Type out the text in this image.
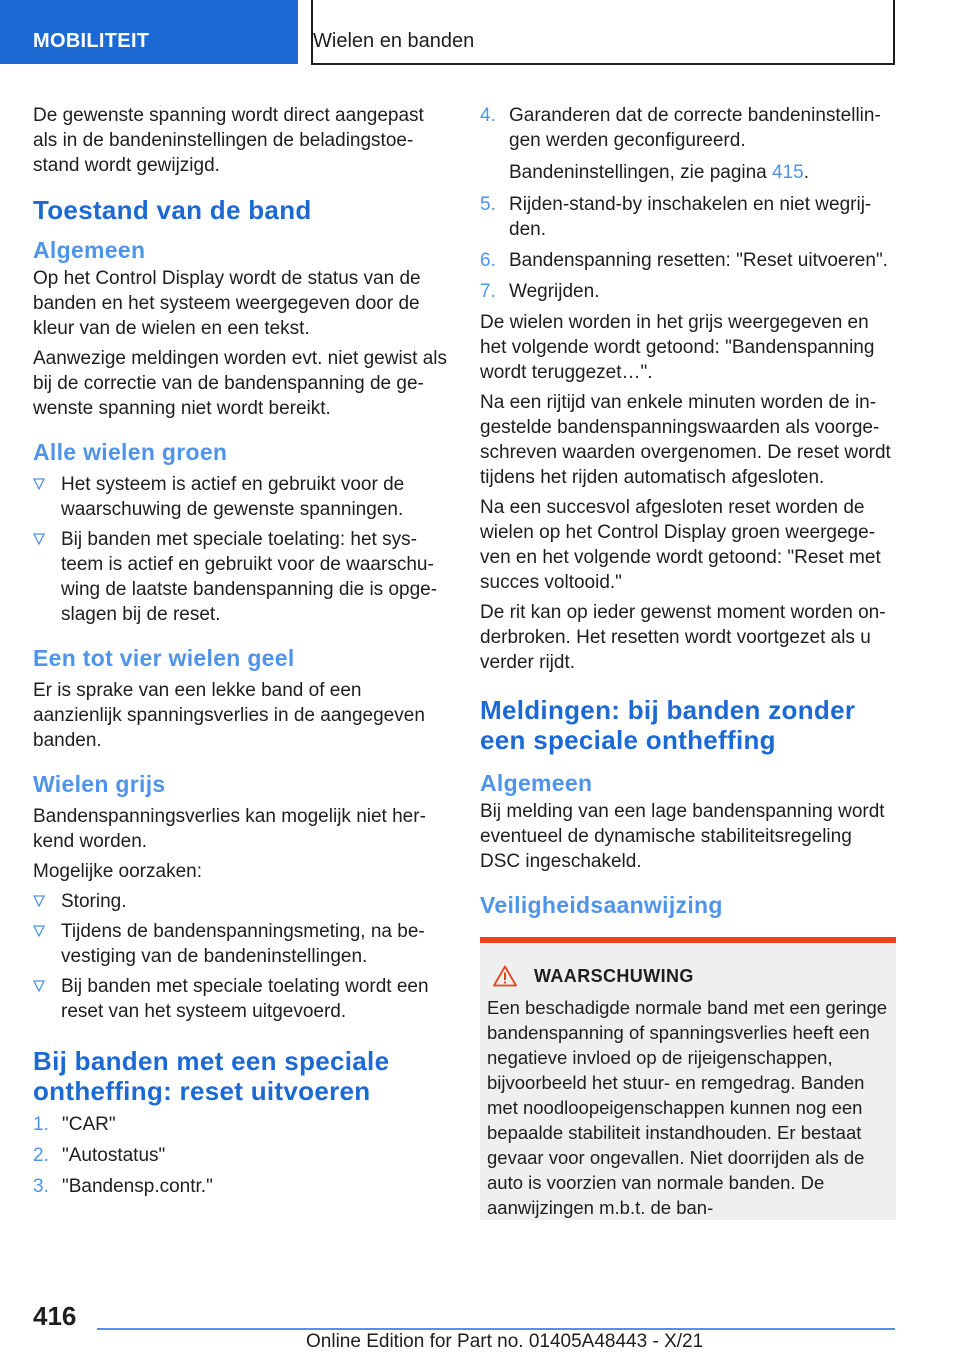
MOBILITEIT	Wielen en banden

De gewenste spanning wordt direct aangepast als in de bandeninstellingen de beladingstoestand wordt gewijzigd.

Toestand van de band
Algemeen

Op het Control Display wordt de status van de banden en het systeem weergegeven door de kleur van de wielen en een tekst.

Aanwezige meldingen worden evt. niet gewist als bij de correctie van de bandenspanning de gewenste spanning niet wordt bereikt.

Alle wielen groen
Het systeem is actief en gebruikt voor de waarschuwing de gewenste spanningen.
Bij banden met speciale toelating: het systeem is actief en gebruikt voor de waarschuwing de laatste bandenspanning die is opgeslagen bij de reset.
Een tot vier wielen geel

Er is sprake van een lekke band of een aanzienlijk spanningsverlies in de aangegeven banden.

Wielen grijs

Bandenspanningsverlies kan mogelijk niet herkend worden.

Mogelijke oorzaken:

Storing.
Tijdens de bandenspanningsmeting, na bevestiging van de bandeninstellingen.
Bij banden met speciale toelating wordt een reset van het systeem uitgevoerd.
Bij banden met een speciale ontheffing: reset uitvoeren
1. "CAR"
2. "Autostatus"
3. "Bandensp.contr."
4. Garanderen dat de correcte bandeninstellingen werden geconfigureerd.

Bandeninstellingen, zie pagina 415.

5. Rijden-stand-by inschakelen en niet wegrijden.
6. Bandenspanning resetten: "Reset uitvoeren".
7. Wegrijden.

De wielen worden in het grijs weergegeven en het volgende wordt getoond: "Bandenspanning wordt teruggezet…".

Na een rijtijd van enkele minuten worden de ingestelde bandenspanningswaarden als voorgeschreven waarden overgenomen. De reset wordt tijdens het rijden automatisch afgesloten.

Na een succesvol afgesloten reset worden de wielen op het Control Display groen weergegeven en het volgende wordt getoond: "Reset met succes voltooid."

De rit kan op ieder gewenst moment worden onderbroken. Het resetten wordt voortgezet als u verder rijdt.

Meldingen: bij banden zonder een speciale ontheffing
Algemeen

Bij melding van een lage bandenspanning wordt eventueel de dynamische stabiliteitsregeling DSC ingeschakeld.

Veiligheidsaanwijzing
WAARSCHUWING

Een beschadigde normale band met een geringe bandenspanning of spanningsverlies heeft een negatieve invloed op de rijeigenschappen, bijvoorbeeld het stuur- en remgedrag. Banden met noodloopeigenschappen kunnen nog een bepaalde stabiliteit instandhouden. Er bestaat gevaar voor ongevallen. Niet doorrijden als de auto is voorzien van normale banden. De aanwijzingen m.b.t. de ban-

416
Online Edition for Part no. 01405A48443 - X/21
